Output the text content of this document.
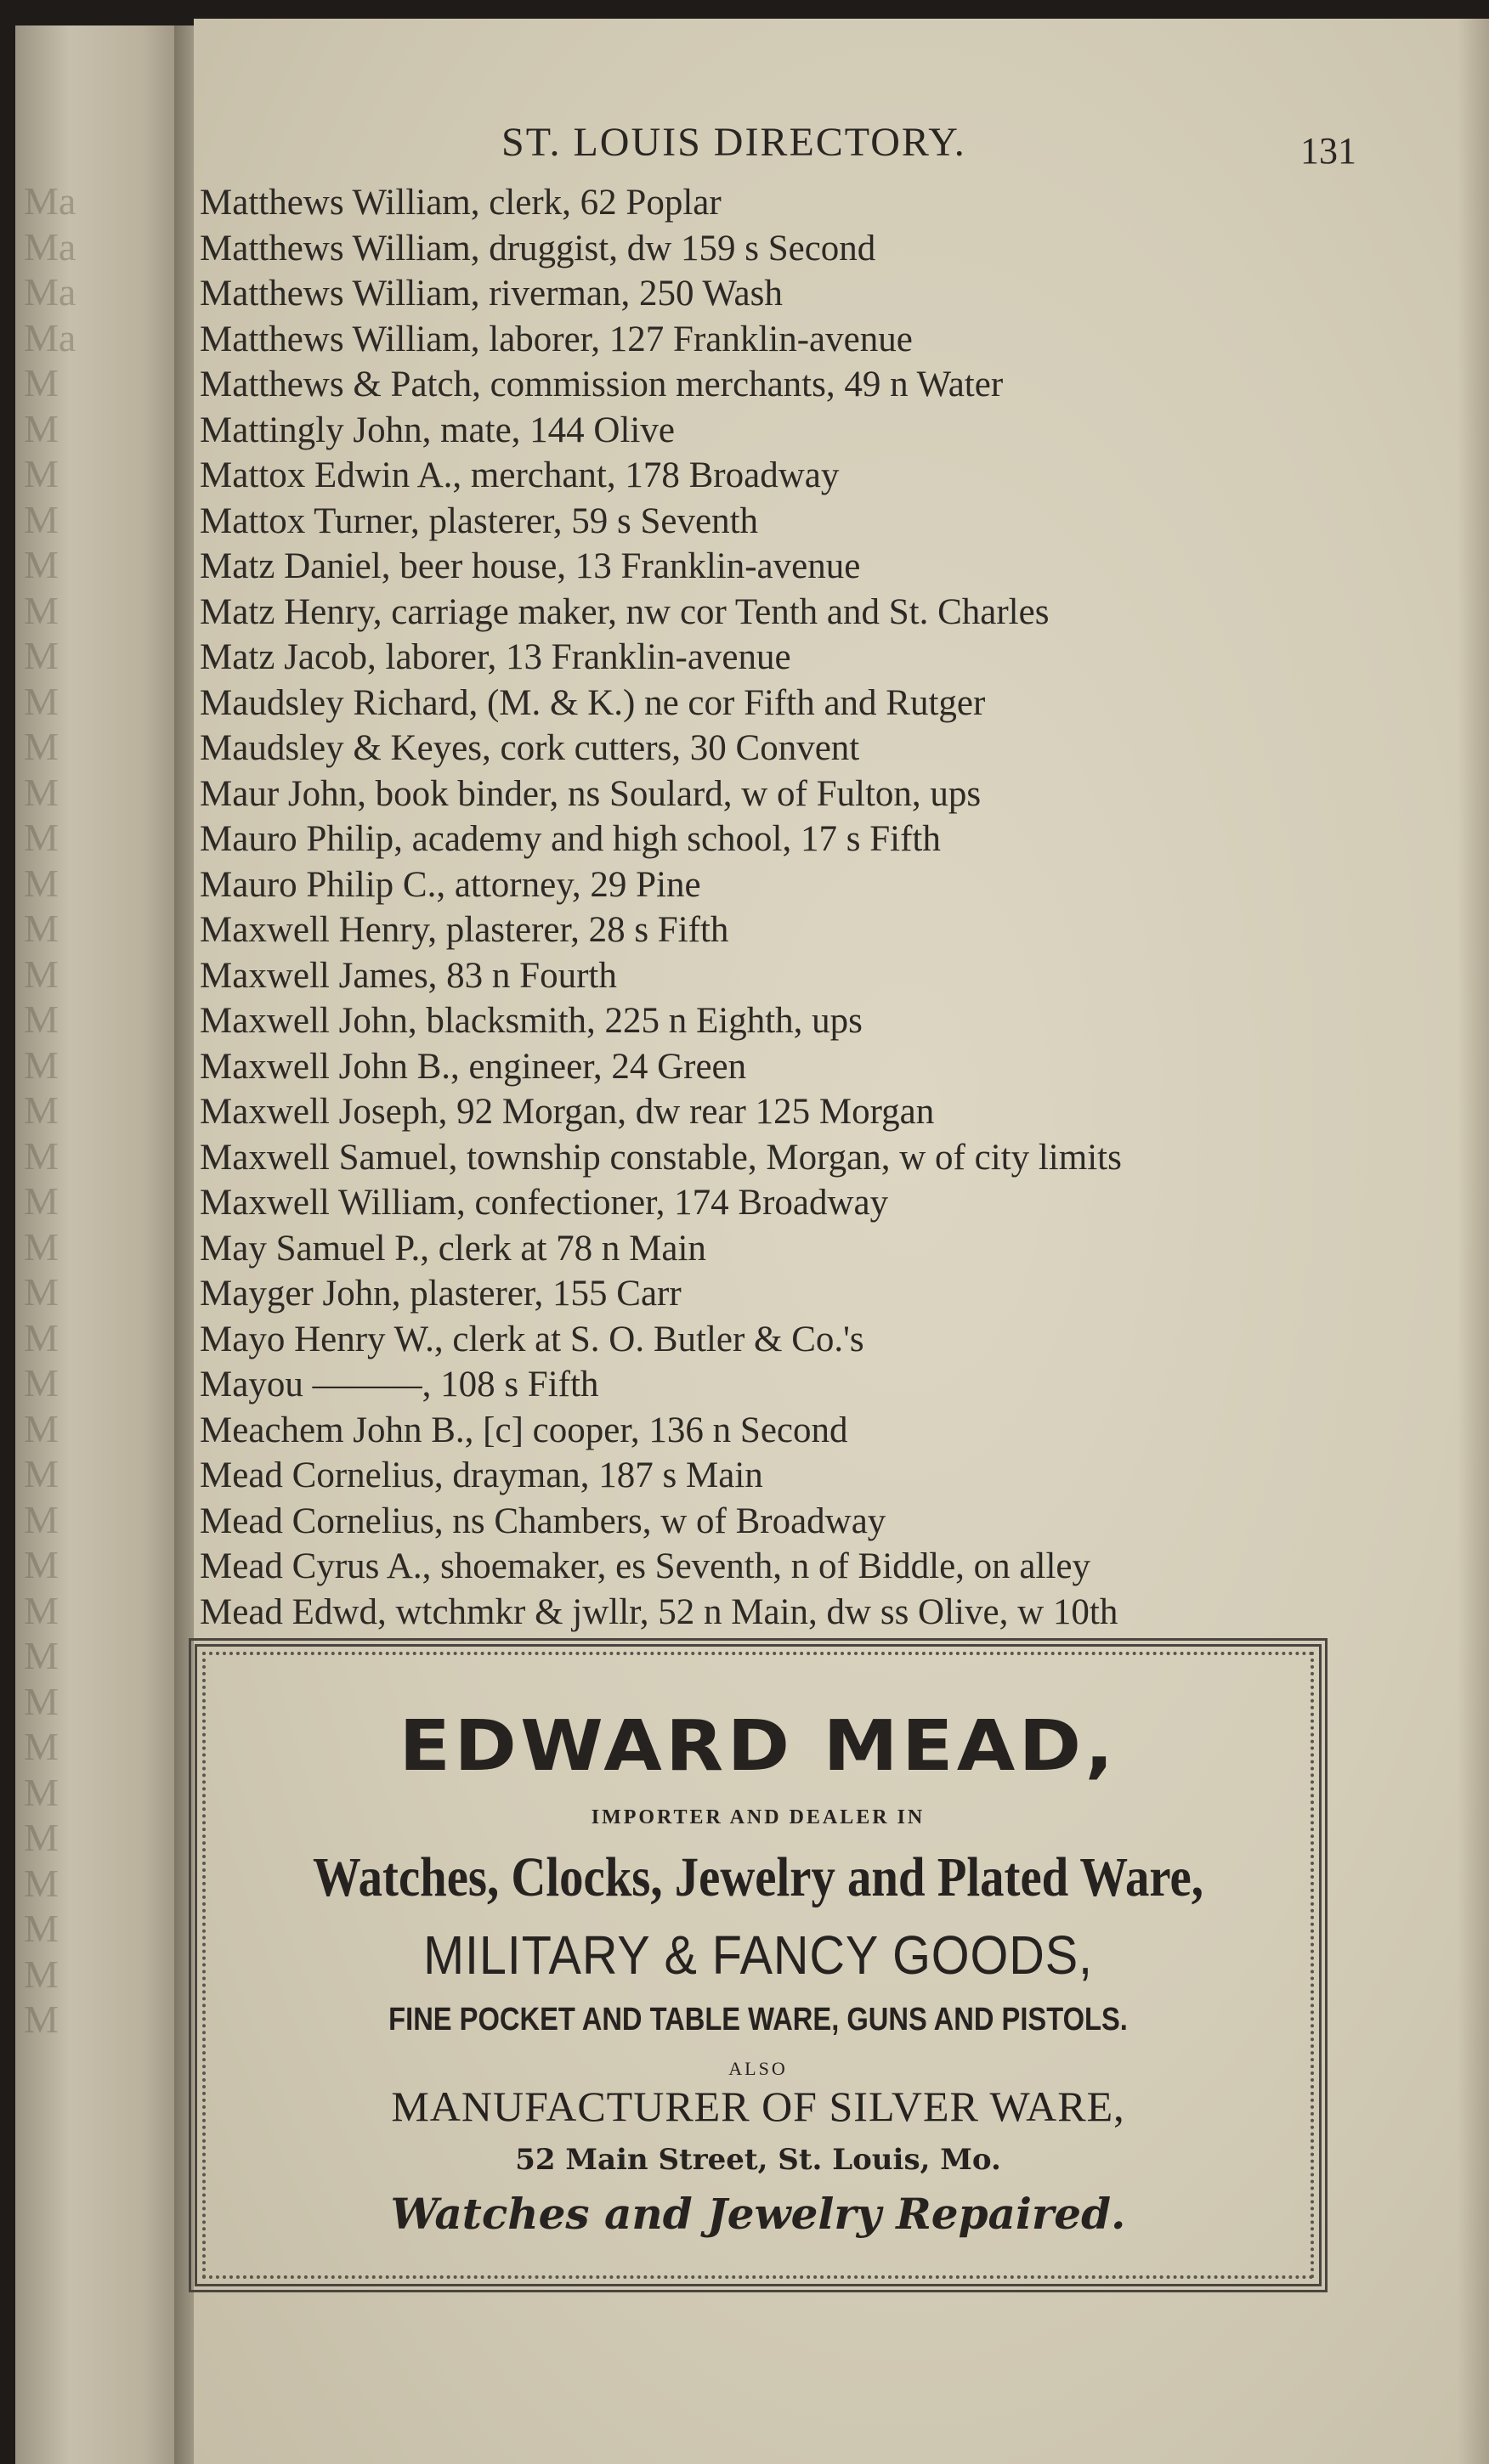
Ma
Ma
Ma
Ma
M
M
M
M
M
M
M
M
M
M
M
M
M
M
M
M
M
M
M
M
M
M
M
M
M
M
M
M
M
M
M
M
M
M
M
M
M
ST. LOUIS DIRECTORY.	131
Matthews William, clerk, 62 Poplar
Matthews William, druggist, dw 159 s Second
Matthews William, riverman, 250 Wash
Matthews William, laborer, 127 Franklin-avenue
Matthews & Patch, commission merchants, 49 n Water
Mattingly John, mate, 144 Olive
Mattox Edwin A., merchant, 178 Broadway
Mattox Turner, plasterer, 59 s Seventh
Matz Daniel, beer house, 13 Franklin-avenue
Matz Henry, carriage maker, nw cor Tenth and St. Charles
Matz Jacob, laborer, 13 Franklin-avenue
Maudsley Richard, (M. & K.) ne cor Fifth and Rutger
Maudsley & Keyes, cork cutters, 30 Convent
Maur John, book binder, ns Soulard, w of Fulton, ups
Mauro Philip, academy and high school, 17 s Fifth
Mauro Philip C., attorney, 29 Pine
Maxwell Henry, plasterer, 28 s Fifth
Maxwell James, 83 n Fourth
Maxwell John, blacksmith, 225 n Eighth, ups
Maxwell John B., engineer, 24 Green
Maxwell Joseph, 92 Morgan, dw rear 125 Morgan
Maxwell Samuel, township constable, Morgan, w of city limits
Maxwell William, confectioner, 174 Broadway
May Samuel P., clerk at 78 n Main
Mayger John, plasterer, 155 Carr
Mayo Henry W., clerk at S. O. Butler & Co.'s
Mayou ———, 108 s Fifth
Meachem John B., [c] cooper, 136 n Second
Mead Cornelius, drayman, 187 s Main
Mead Cornelius, ns Chambers, w of Broadway
Mead Cyrus A., shoemaker, es Seventh, n of Biddle, on alley
Mead Edwd, wtchmkr & jwllr, 52 n Main, dw ss Olive, w 10th
EDWARD MEAD,
IMPORTER AND DEALER IN
Watches, Clocks, Jewelry and Plated Ware,
MILITARY & FANCY GOODS,
FINE POCKET AND TABLE WARE, GUNS AND PISTOLS.
ALSO
MANUFACTURER OF SILVER WARE,
52 Main Street, St. Louis, Mo.
Watches and Jewelry Repaired.
